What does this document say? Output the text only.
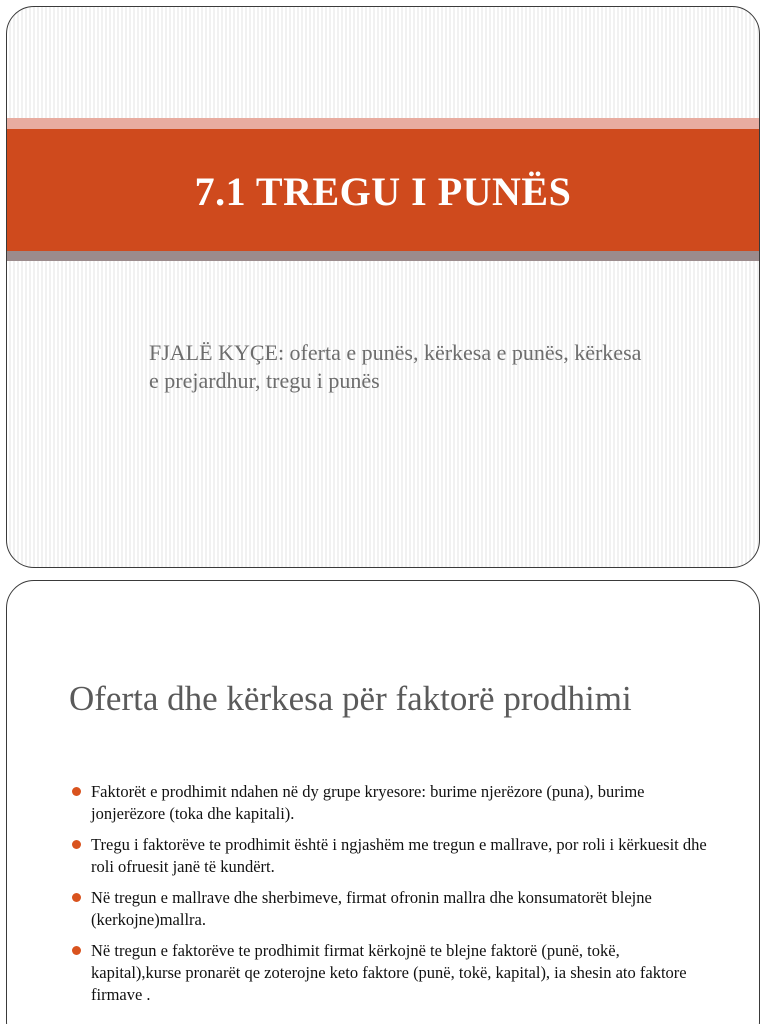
7.1 TREGU I PUNËS
FJALË KYÇE: oferta e punës, kërkesa e punës, kërkesa e prejardhur, tregu i punës
Oferta dhe kërkesa për faktorë prodhimi
Faktorët e prodhimit ndahen në dy grupe kryesore: burime njerëzore (puna), burime jonjerëzore (toka dhe kapitali).
Tregu i faktorëve te prodhimit është i ngjashëm me tregun e mallrave, por roli i kërkuesit dhe roli ofruesit janë të kundërt.
Në tregun e mallrave dhe sherbimeve, firmat ofronin mallra dhe konsumatorët blejne (kerkojne)mallra.
Në tregun e faktorëve te prodhimit firmat kërkojnë te blejne faktorë (punë, tokë, kapital),kurse pronarët qe zoterojne keto faktore (punë, tokë, kapital), ia shesin ato faktore firmave .
